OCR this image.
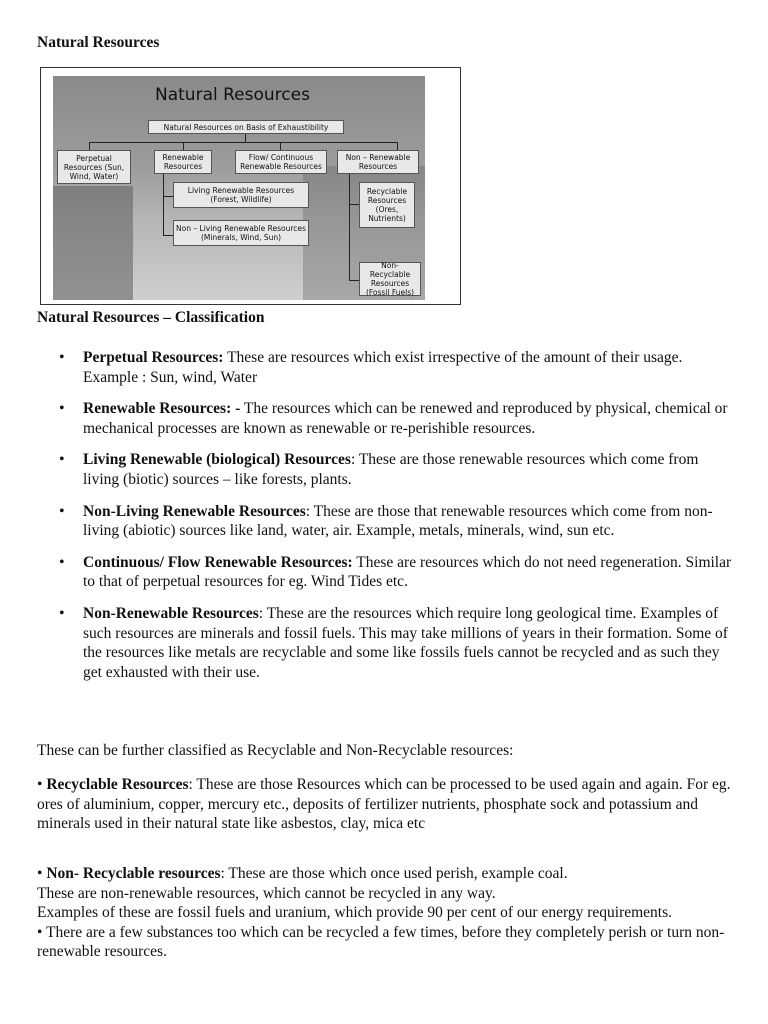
Natural Resources
Natural Resources
Natural Resources on Basis of Exhaustibility
Perpetual
Resources (Sun,
Wind, Water)
Renewable
Resources
Flow/ Continuous
Renewable Resources
Non – Renewable
Resources
Living Renewable Resources
(Forest, Wildlife)
Non – Living Renewable Resources
(Minerals, Wind, Sun)
Recyclable
Resources
(Ores,
Nutrients)
Non- Recyclable
Resources
(Fossil Fuels)
Natural Resources – Classification
• Perpetual Resources: These are resources which exist irrespective of the amount of their usage. Example : Sun, wind, Water
• Renewable Resources: - The resources which can be renewed and reproduced by physical, chemical or mechanical processes are known as renewable or re-perishible resources.
• Living Renewable (biological) Resources: These are those renewable resources which come from living (biotic) sources – like forests, plants.
• Non-Living Renewable Resources: These are those that renewable resources which come from non-living (abiotic) sources like land, water, air. Example, metals, minerals, wind, sun etc.
• Continuous/ Flow Renewable Resources: These are resources which do not need regeneration. Similar to that of perpetual resources for eg. Wind Tides etc.
• Non-Renewable Resources: These are the resources which require long geological time. Examples of such resources are minerals and fossil fuels. This may take millions of years in their formation. Some of the resources like metals are recyclable and some like fossils fuels cannot be recycled and as such they get exhausted with their use.
These can be further classified as Recyclable and Non-Recyclable resources:
• Recyclable Resources: These are those Resources which can be processed to be used again and again. For eg. ores of aluminium, copper, mercury etc., deposits of fertilizer nutrients, phosphate sock and potassium and minerals used in their natural state like asbestos, clay, mica etc
• Non- Recyclable resources: These are those which once used perish, example coal.
These are non-renewable resources, which cannot be recycled in any way.
Examples of these are fossil fuels and uranium, which provide 90 per cent of our energy requirements.
• There are a few substances too which can be recycled a few times, before they completely perish or turn non-renewable resources.
